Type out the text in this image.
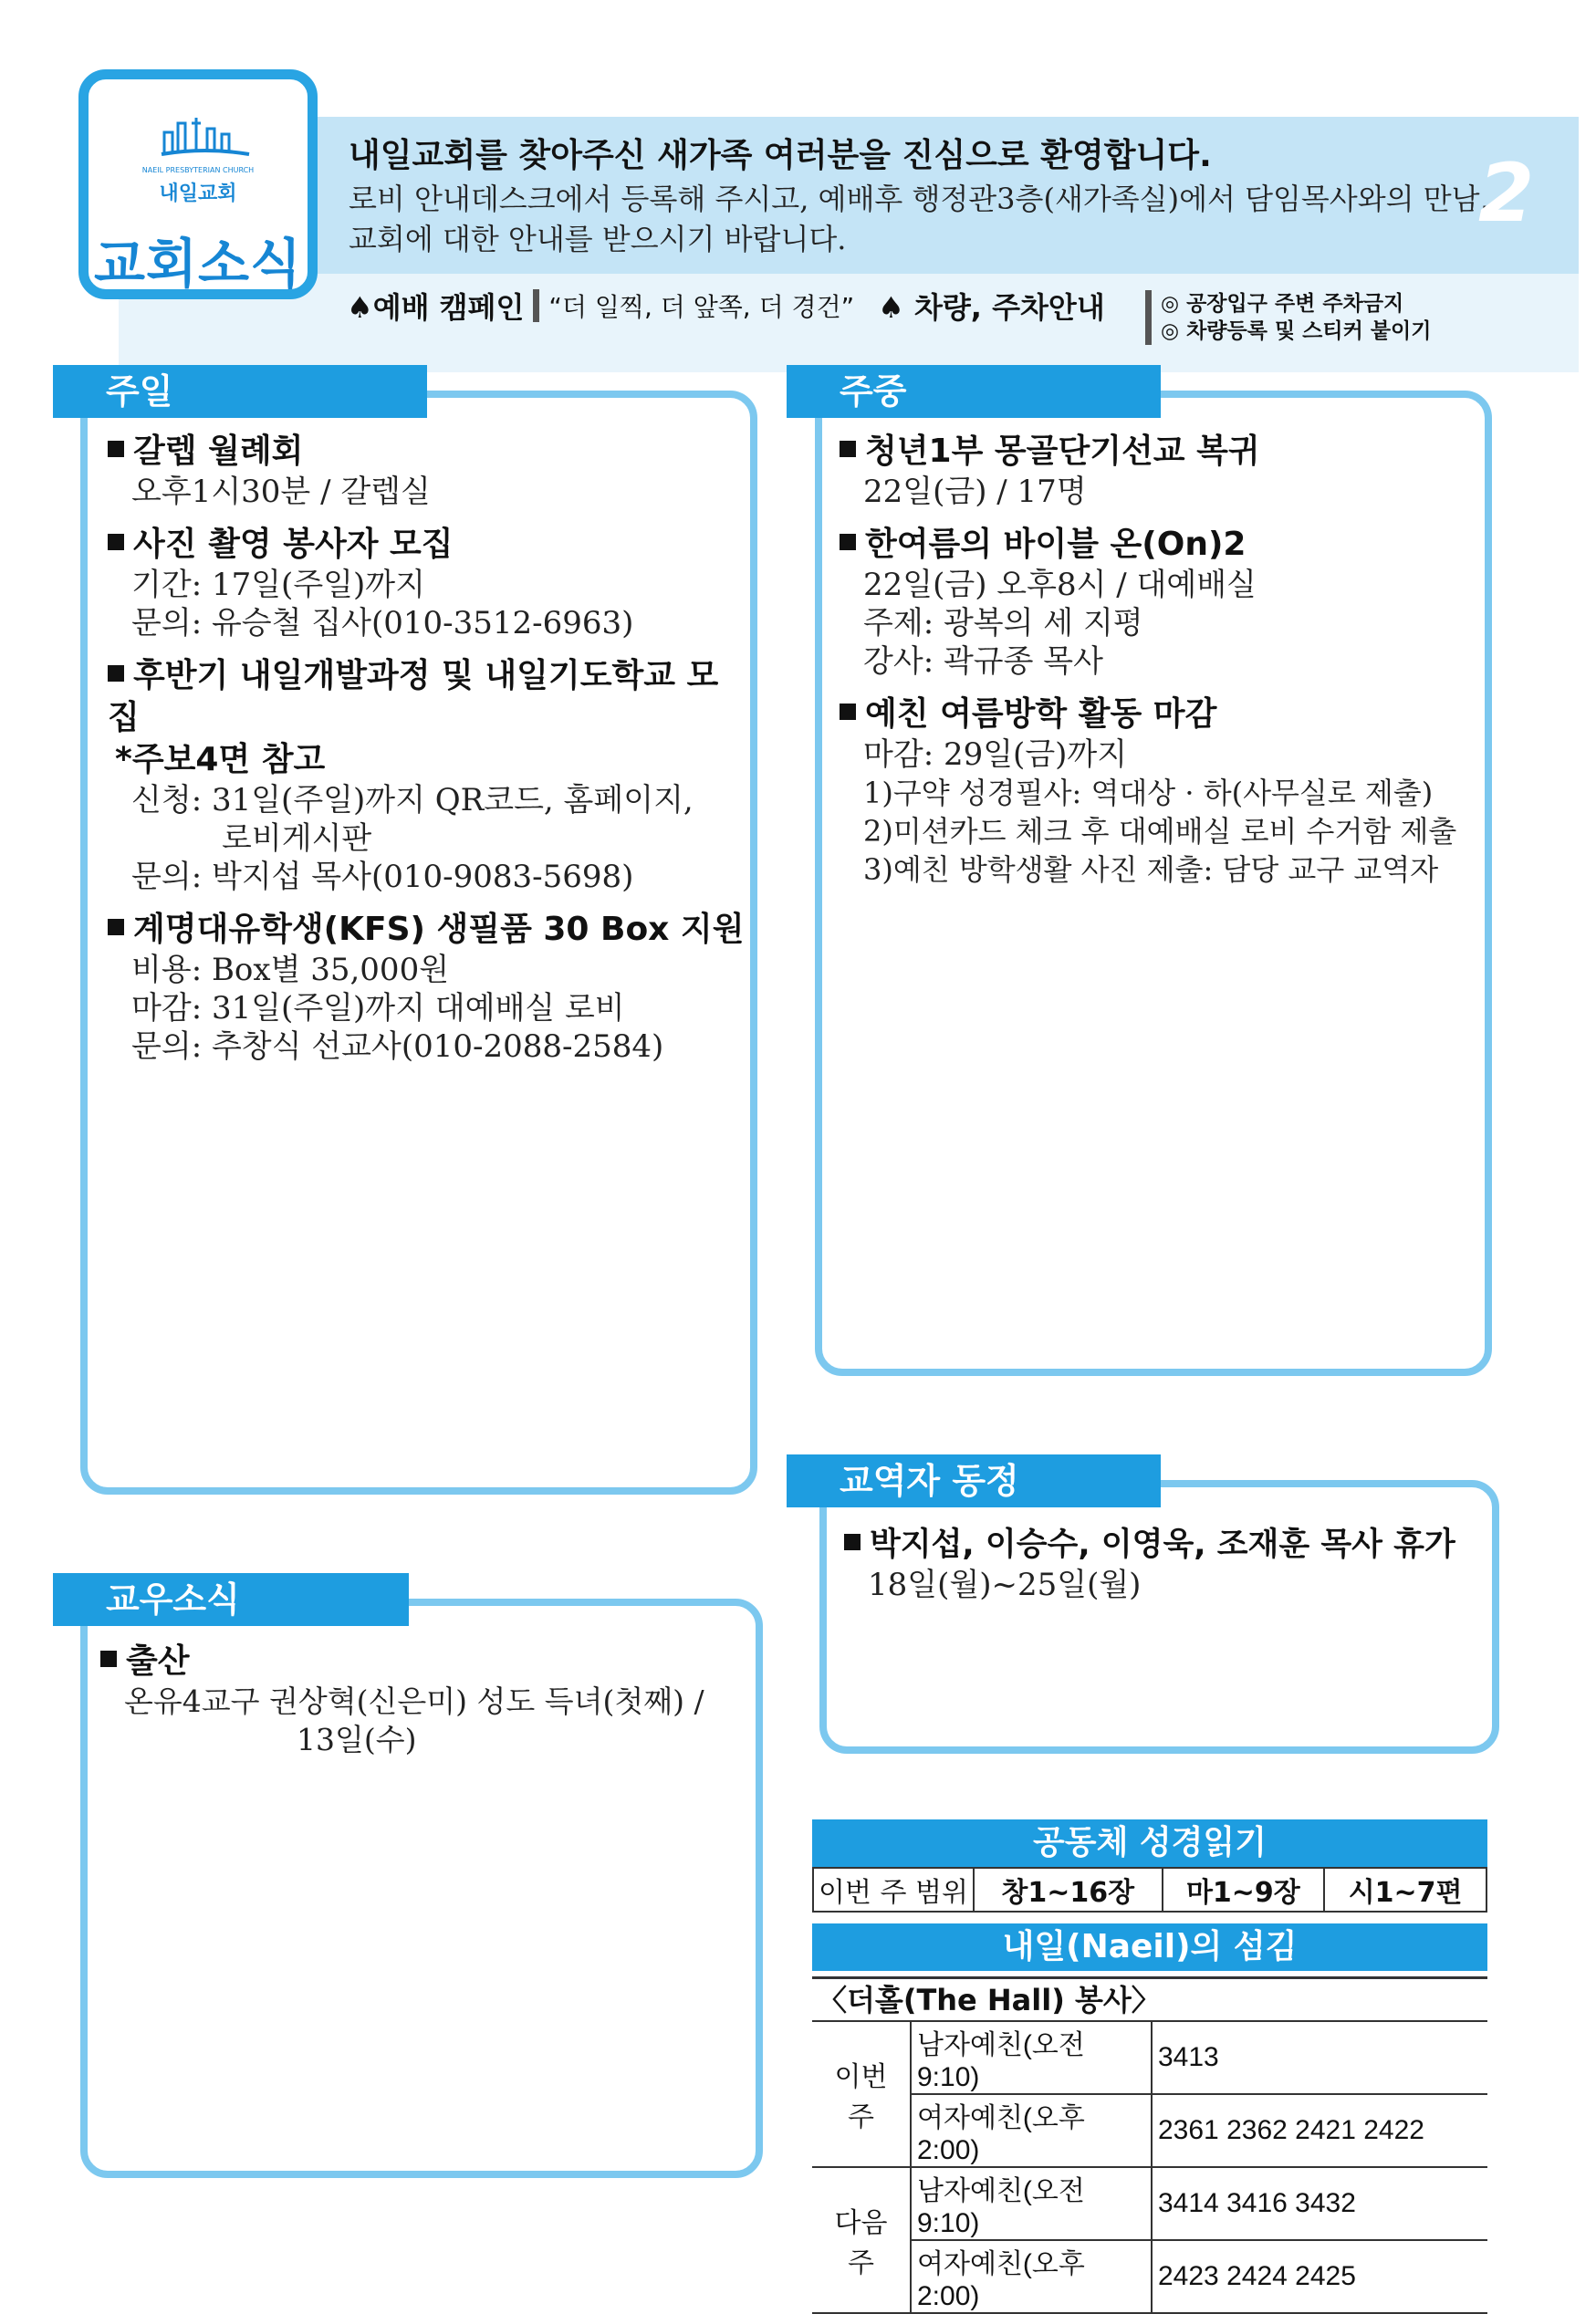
NAEIL PRESBYTERIAN CHURCH
내일교회
교회소식
내일교회를 찾아주신 새가족 여러분을 진심으로 환영합니다.
로비 안내데스크에서 등록해 주시고, 예배후 행정관3층(새가족실)에서 담임목사와의 만남,
교회에 대한 안내를 받으시기 바랍니다.	2
♠예배 캠페인 “더 일찍, 더 앞쪽, 더 경건” ♠ 차량, 주차안내	◎ 공장입구 주변 주차금지
◎ 차량등록 및 스티커 붙이기
주일
갈렙 월례회
오후1시30분 / 갈렙실
사진 촬영 봉사자 모집
기간: 17일(주일)까지
문의: 유승철 집사(010-3512-6963)
후반기 내일개발과정 및 내일기도학교 모집
*주보4면 참고
신청: 31일(주일)까지 QR코드, 홈페이지,
로비게시판
문의: 박지섭 목사(010-9083-5698)
계명대유학생(KFS) 생필품 30 Box 지원
비용: Box별 35,000원
마감: 31일(주일)까지 대예배실 로비
문의: 추창식 선교사(010-2088-2584)
주중
청년1부 몽골단기선교 복귀
22일(금) / 17명
한여름의 바이블 온(On)2
22일(금) 오후8시 / 대예배실
주제: 광복의 세 지평
강사: 곽규종 목사
예친 여름방학 활동 마감
마감: 29일(금)까지
1)구약 성경필사: 역대상 · 하(사무실로 제출)
2)미션카드 체크 후 대예배실 로비 수거함 제출
3)예친 방학생활 사진 제출: 담당 교구 교역자
교역자 동정
박지섭, 이승수, 이영욱, 조재훈 목사 휴가
18일(월)~25일(월)
교우소식
출산
온유4교구 권상혁(신은미) 성도 득녀(첫째) /
13일(수)
공동체 성경읽기
이번 주 범위	창1~16장	마1~9장	시1~7편
내일(Naeil)의 섬김
〈더홀(The Hall) 봉사〉
이번 주	남자예친(오전9:10)	3413
	여자예친(오후2:00)	2361 2362 2421 2422
다음 주	남자예친(오전9:10)	3414 3416 3432
	여자예친(오후2:00)	2423 2424 2425
